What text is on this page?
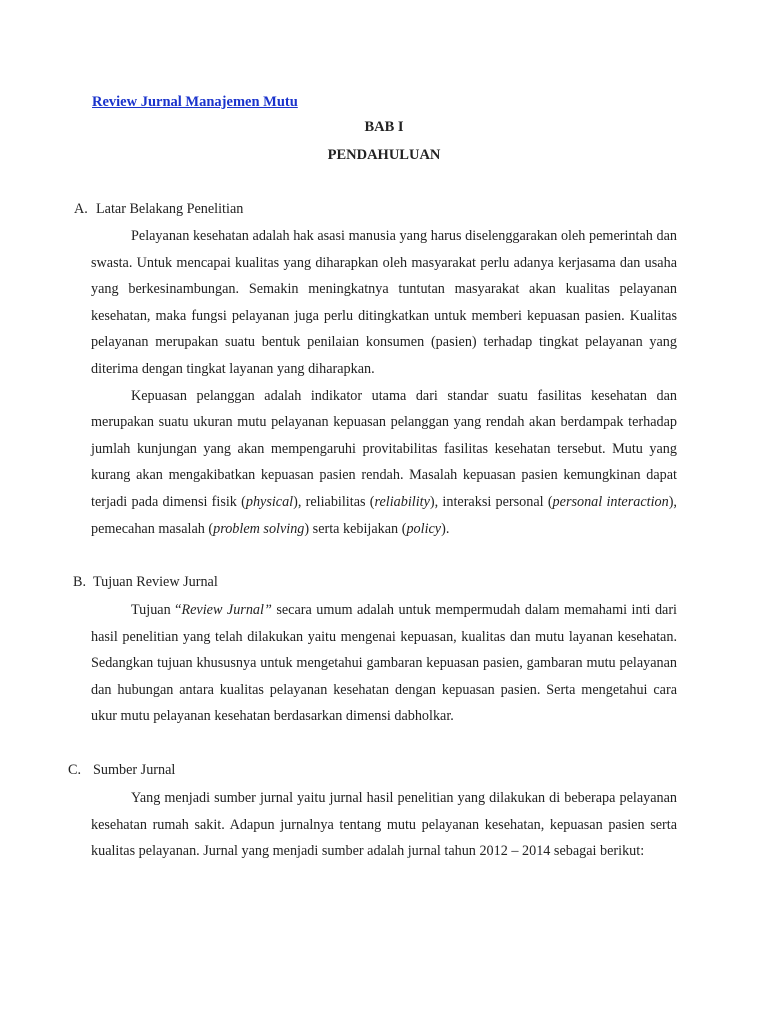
Review Jurnal Manajemen Mutu
BAB I
PENDAHULUAN
A. Latar Belakang Penelitian

Pelayanan kesehatan adalah hak asasi manusia yang harus diselenggarakan oleh pemerintah dan swasta. Untuk mencapai kualitas yang diharapkan oleh masyarakat perlu adanya kerjasama dan usaha yang berkesinambungan. Semakin meningkatnya tuntutan masyarakat akan kualitas pelayanan kesehatan, maka fungsi pelayanan juga perlu ditingkatkan untuk memberi kepuasan pasien. Kualitas pelayanan merupakan suatu bentuk penilaian konsumen (pasien) terhadap tingkat pelayanan yang diterima dengan tingkat layanan yang diharapkan.

Kepuasan pelanggan adalah indikator utama dari standar suatu fasilitas kesehatan dan merupakan suatu ukuran mutu pelayanan kepuasan pelanggan yang rendah akan berdampak terhadap jumlah kunjungan yang akan mempengaruhi provitabilitas fasilitas kesehatan tersebut. Mutu yang kurang akan mengakibatkan kepuasan pasien rendah. Masalah kepuasan pasien kemungkinan dapat terjadi pada dimensi fisik (physical), reliabilitas (reliability), interaksi personal (personal interaction), pemecahan masalah (problem solving) serta kebijakan (policy).

B. Tujuan Review Jurnal

Tujuan “Review Jurnal” secara umum adalah untuk mempermudah dalam memahami inti dari hasil penelitian yang telah dilakukan yaitu mengenai kepuasan, kualitas dan mutu layanan kesehatan. Sedangkan tujuan khususnya untuk mengetahui gambaran kepuasan pasien, gambaran mutu pelayanan dan hubungan antara kualitas pelayanan kesehatan dengan kepuasan pasien. Serta mengetahui cara ukur mutu pelayanan kesehatan berdasarkan dimensi dabholkar.

C. Sumber Jurnal

Yang menjadi sumber jurnal yaitu jurnal hasil penelitian yang dilakukan di beberapa pelayanan kesehatan rumah sakit. Adapun jurnalnya tentang mutu pelayanan kesehatan, kepuasan pasien serta kualitas pelayanan. Jurnal yang menjadi sumber adalah jurnal tahun 2012 – 2014 sebagai berikut:
